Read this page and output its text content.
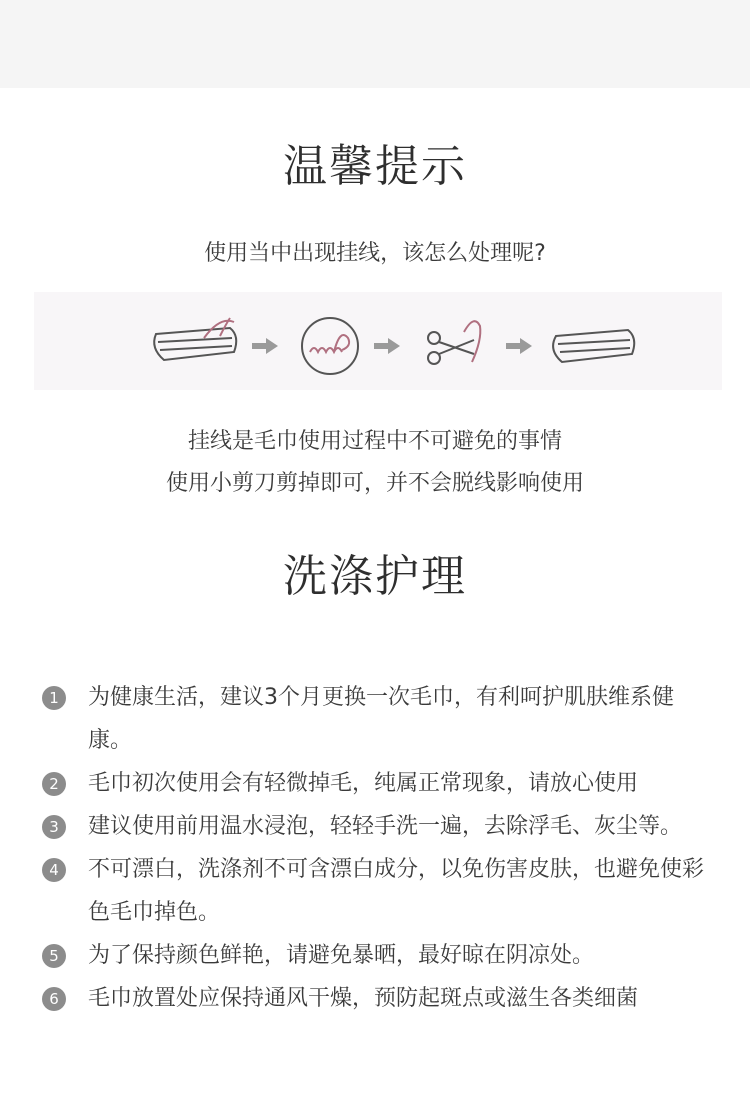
温馨提示
使用当中出现挂线，该怎么处理呢?
挂线是毛巾使用过程中不可避免的事情
使用小剪刀剪掉即可，并不会脱线影响使用
洗涤护理
1	为健康生活，建议3个月更换一次毛巾，有利呵护肌肤维系健康。
2	毛巾初次使用会有轻微掉毛，纯属正常现象，请放心使用
3	建议使用前用温水浸泡，轻轻手洗一遍，去除浮毛、灰尘等。
4	不可漂白，洗涤剂不可含漂白成分，以免伤害皮肤，也避免使彩色毛巾掉色。
5	为了保持颜色鲜艳，请避免暴晒，最好晾在阴凉处。
6	毛巾放置处应保持通风干燥，预防起斑点或滋生各类细菌
